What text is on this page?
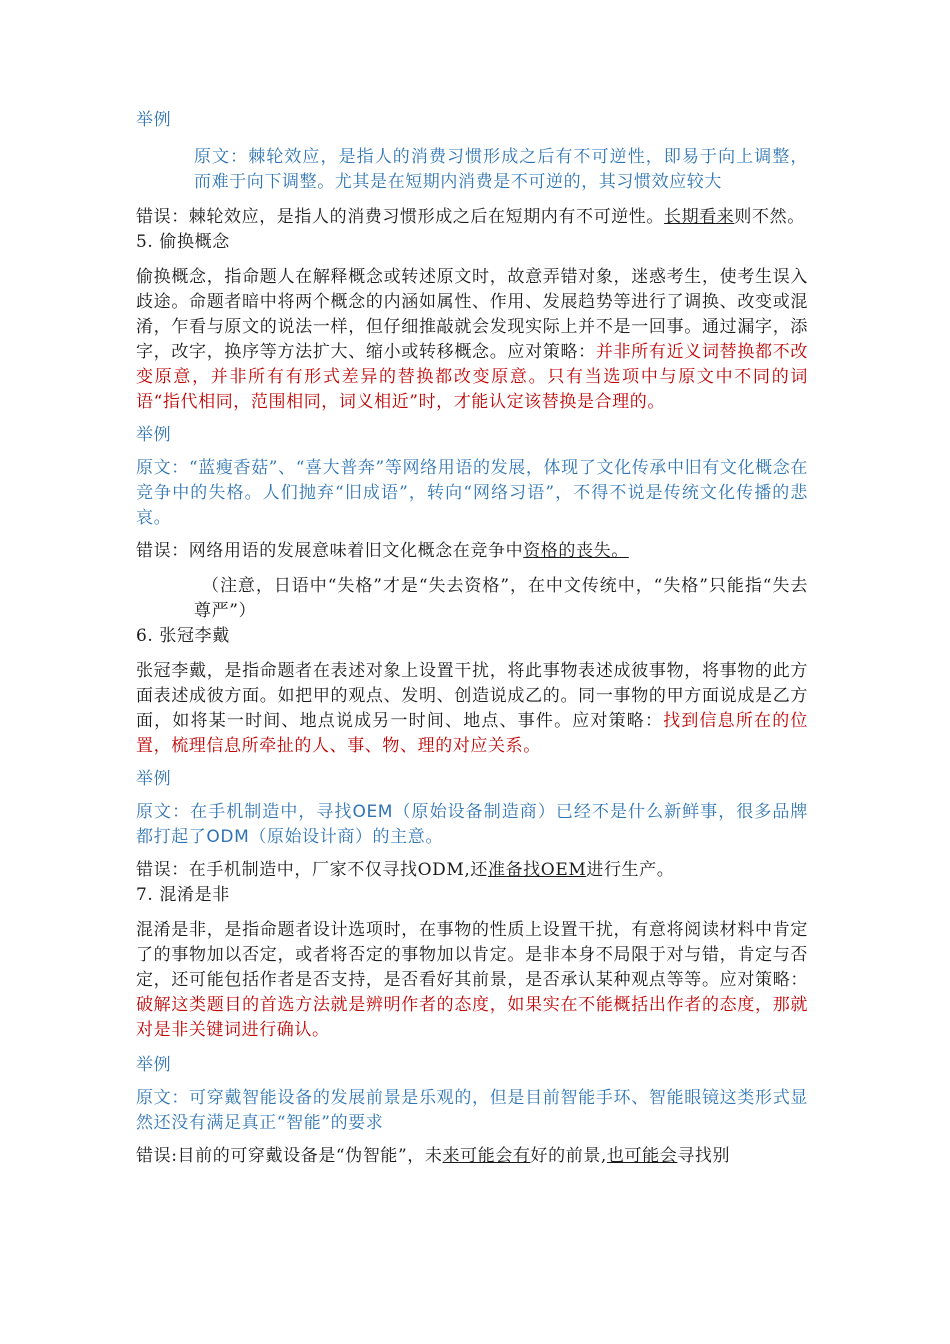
举例

原文：棘轮效应，是指人的消费习惯形成之后有不可逆性，即易于向上调整，而难于向下调整。尤其是在短期内消费是不可逆的，其习惯效应较大

错误：棘轮效应，是指人的消费习惯形成之后在短期内有不可逆性。长期看来则不然。

5. 偷换概念

偷换概念，指命题人在解释概念或转述原文时，故意弄错对象，迷惑考生，使考生误入歧途。命题者暗中将两个概念的内涵如属性、作用、发展趋势等进行了调换、改变或混淆，乍看与原文的说法一样，但仔细推敲就会发现实际上并不是一回事。通过漏字，添字，改字，换序等方法扩大、缩小或转移概念。应对策略：并非所有近义词替换都不改变原意，并非所有有形式差异的替换都改变原意。只有当选项中与原文中不同的词语“指代相同，范围相同，词义相近”时，才能认定该替换是合理的。

举例

原文：“蓝瘦香菇”、“喜大普奔”等网络用语的发展，体现了文化传承中旧有文化概念在竞争中的失格。人们抛弃“旧成语”，转向“网络习语”，不得不说是传统文化传播的悲哀。

错误：网络用语的发展意味着旧文化概念在竞争中资格的丧失。

（注意，日语中“失格”才是“失去资格”，在中文传统中，“失格”只能指“失去尊严”）

6. 张冠李戴

张冠李戴，是指命题者在表述对象上设置干扰，将此事物表述成彼事物，将事物的此方面表述成彼方面。如把甲的观点、发明、创造说成乙的。同一事物的甲方面说成是乙方面，如将某一时间、地点说成另一时间、地点、事件。应对策略：找到信息所在的位置，梳理信息所牵扯的人、事、物、理的对应关系。

举例

原文：在手机制造中，寻找OEM（原始设备制造商）已经不是什么新鲜事，很多品牌都打起了ODM（原始设计商）的主意。

错误：在手机制造中，厂家不仅寻找ODM,还准备找OEM进行生产。

7. 混淆是非

混淆是非，是指命题者设计选项时，在事物的性质上设置干扰，有意将阅读材料中肯定了的事物加以否定，或者将否定的事物加以肯定。是非本身不局限于对与错，肯定与否定，还可能包括作者是否支持，是否看好其前景，是否承认某种观点等等。应对策略：破解这类题目的首选方法就是辨明作者的态度，如果实在不能概括出作者的态度，那就对是非关键词进行确认。

举例

原文：可穿戴智能设备的发展前景是乐观的，但是目前智能手环、智能眼镜这类形式显然还没有满足真正“智能”的要求

错误:目前的可穿戴设备是“伪智能”，未来可能会有好的前景,也可能会寻找别
